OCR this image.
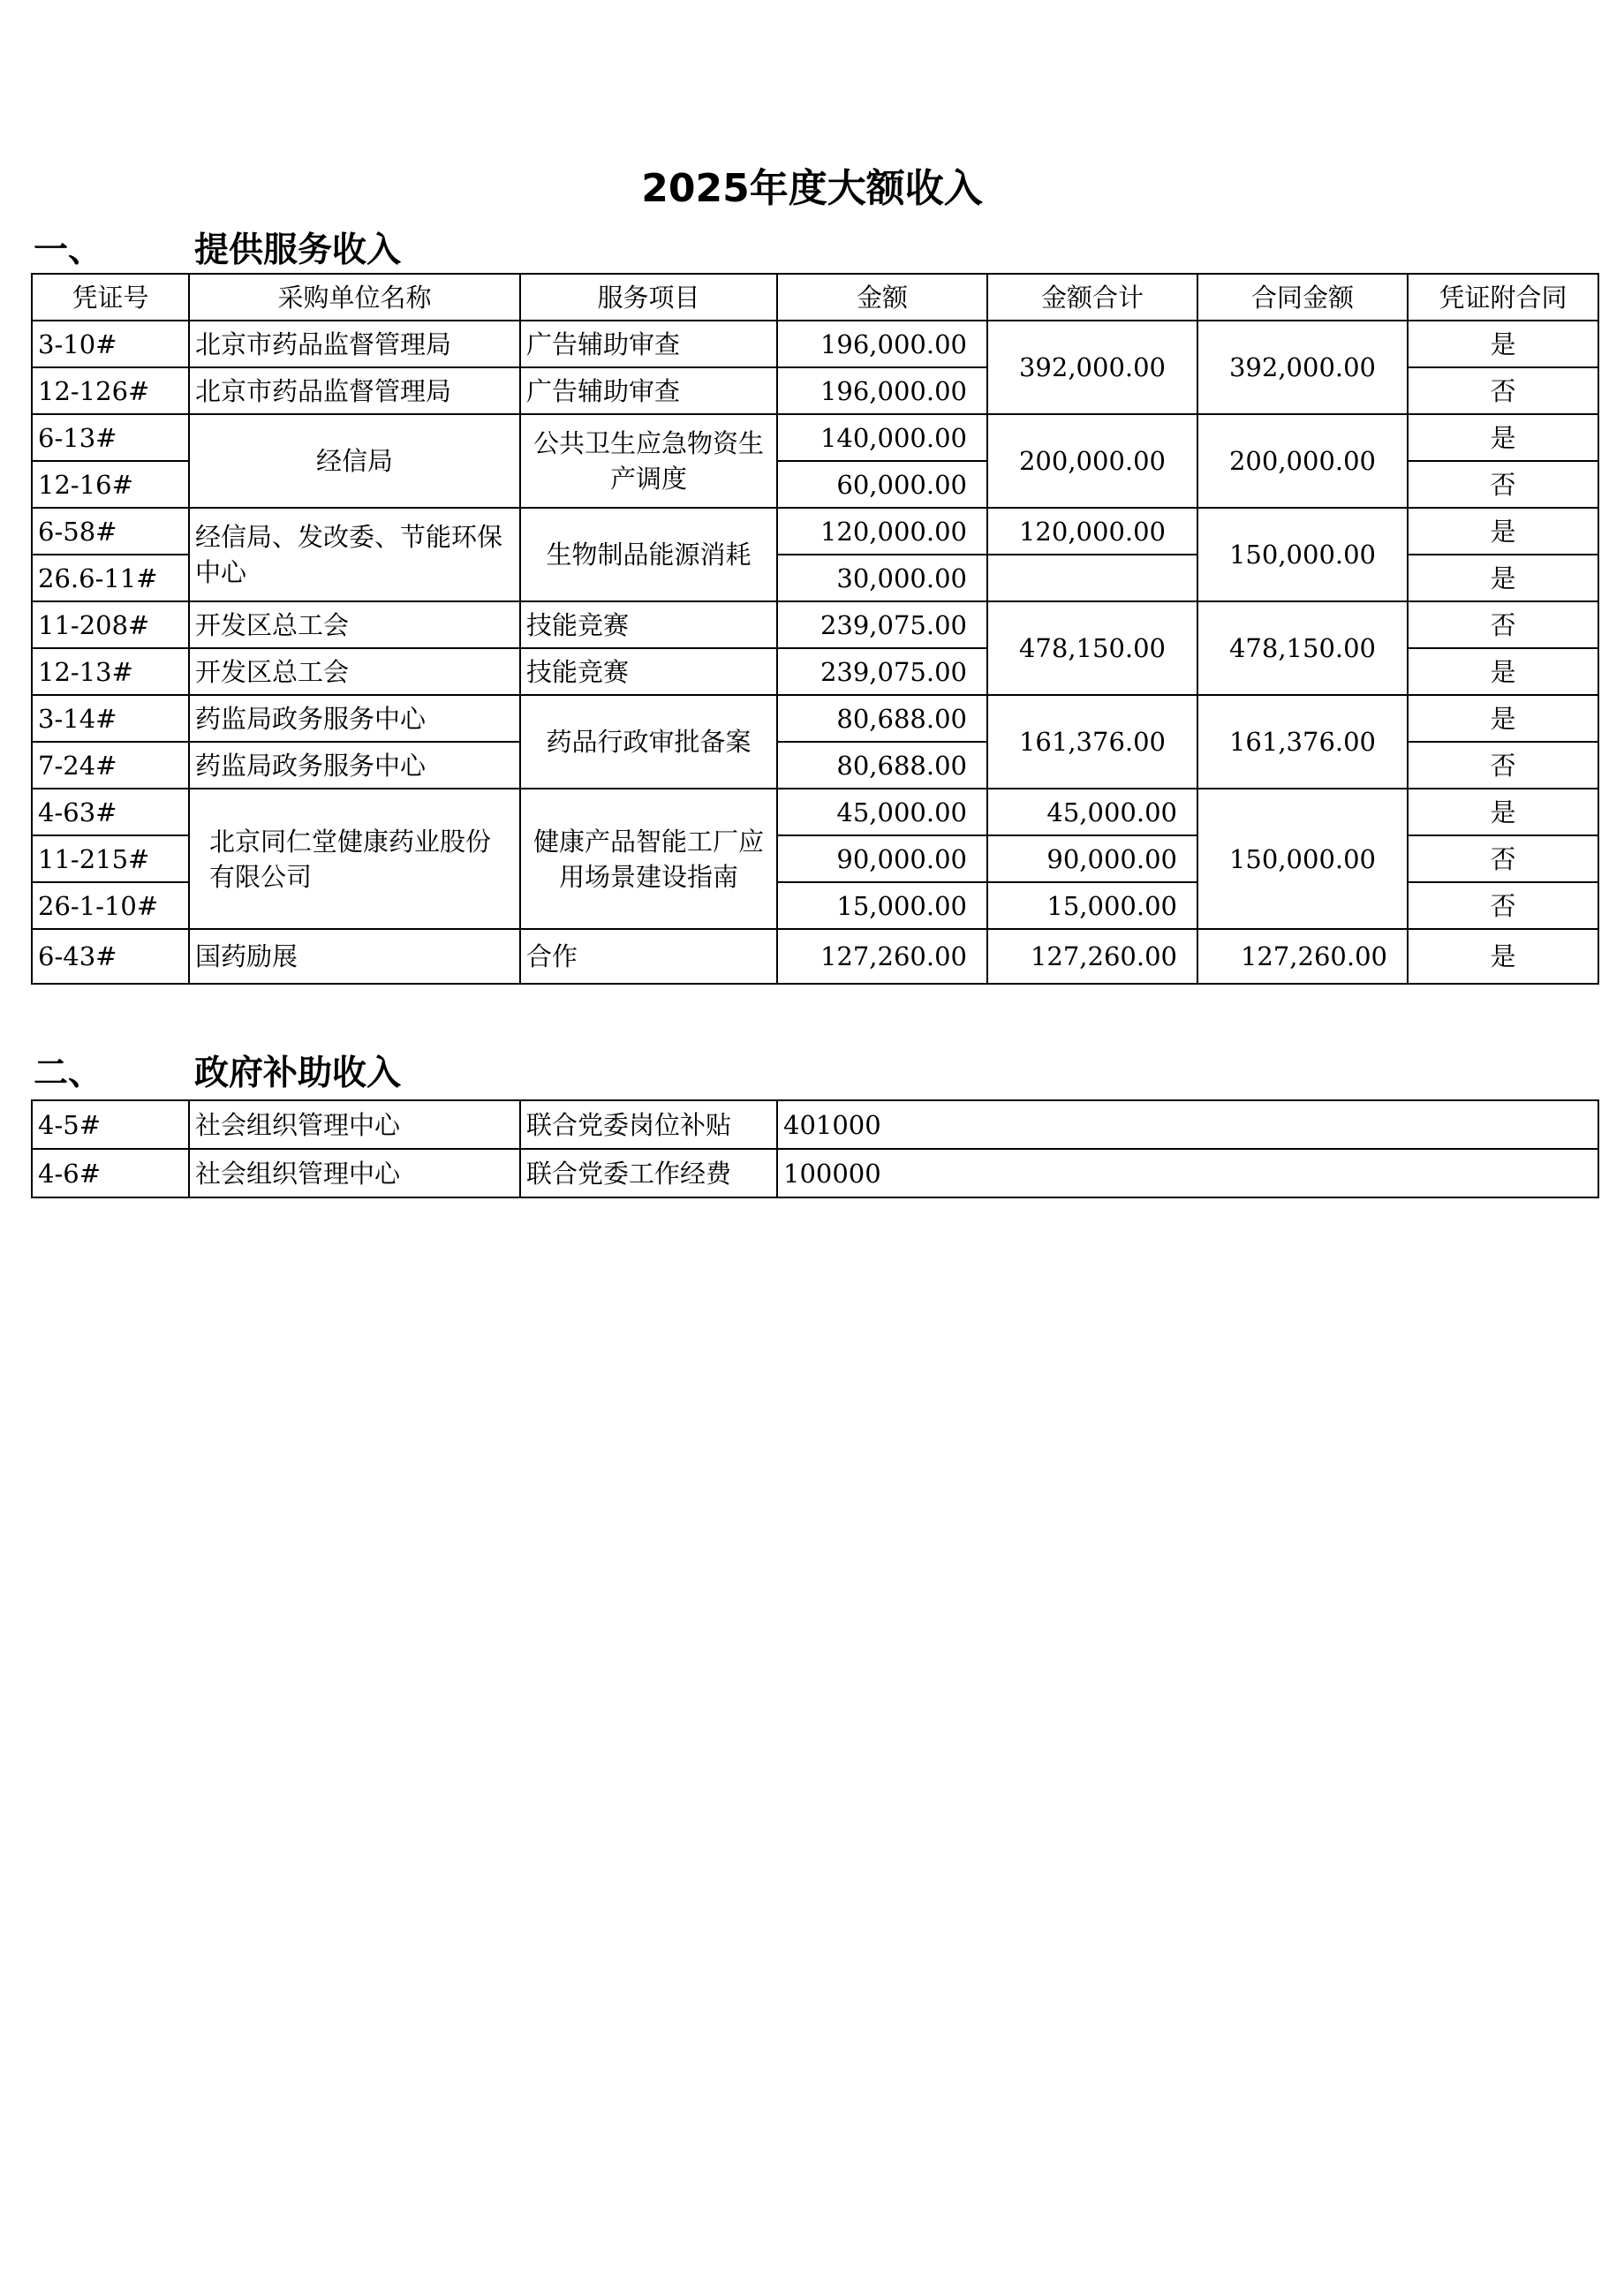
2025年度大额收入
一、	提供服务收入
凭证号	采购单位名称	服务项目	金额	金额合计	合同金额	凭证附合同
3-10#	北京市药品监督管理局	广告辅助审查	196,000.00	392,000.00	392,000.00	是
12-126#	北京市药品监督管理局	广告辅助审查	196,000.00			否
6-13#	经信局	公共卫生应急物资生产调度	140,000.00	200,000.00	200,000.00	是
12-16#			60,000.00			否
6-58#	经信局、发改委、节能环保中心	生物制品能源消耗	120,000.00	120,000.00	150,000.00	是
26.6-11#			30,000.00			是
11-208#	开发区总工会	技能竞赛	239,075.00	478,150.00	478,150.00	否
12-13#	开发区总工会	技能竞赛	239,075.00			是
3-14#	药监局政务服务中心	药品行政审批备案	80,688.00	161,376.00	161,376.00	是
7-24#	药监局政务服务中心		80,688.00			否
4-63#	北京同仁堂健康药业股份有限公司	健康产品智能工厂应用场景建设指南	45,000.00	45,000.00	150,000.00	是
11-215#			90,000.00	90,000.00		否
26-1-10#			15,000.00	15,000.00		否
6-43#	国药励展	合作	127,260.00	127,260.00	127,260.00	是
二、	政府补助收入
4-5#	社会组织管理中心	联合党委岗位补贴	401000
4-6#	社会组织管理中心	联合党委工作经费	100000
